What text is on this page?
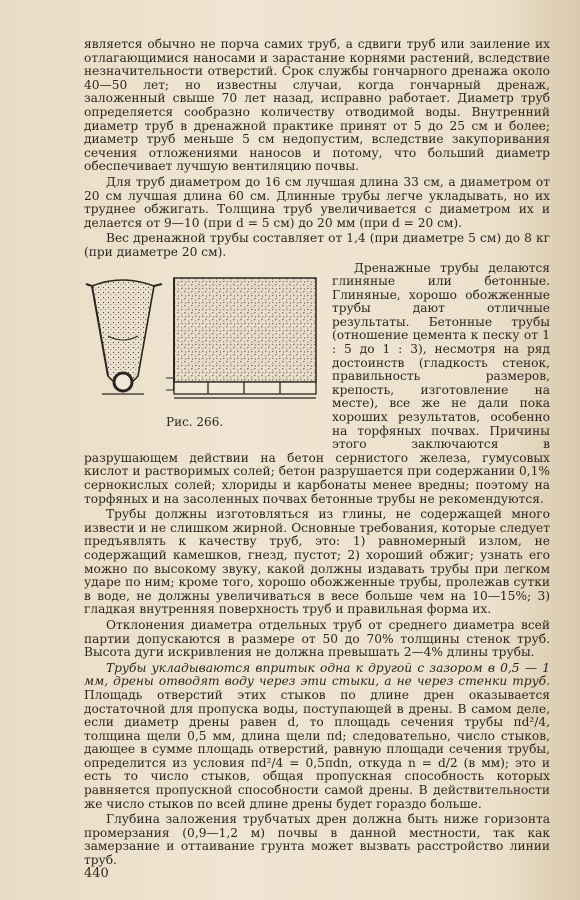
является обычно не порча самих труб, а сдвиги труб или заиление их отлагающимися наносами и зарастание корнями растений, вследствие незначительности отверстий. Срок службы гончарного дренажа около 40—50 лет; но известны случаи, когда гончарный дренаж, заложенный свыше 70 лет назад, исправно работает. Диаметр труб определяется сообразно количеству отводимой воды. Внутренний диаметр труб в дренажной практике принят от 5 до 25 см и более; диаметр труб меньше 5 см недопустим, вследствие закупоривания сечения отложениями наносов и потому, что больший диаметр обеспечивает лучшую вентиляцию почвы.

Для труб диаметром до 16 см лучшая длина 33 см, а диаметром от 20 см лучшая длина 60 см. Длинные трубы легче укладывать, но их труднее обжигать. Толщина труб увеличивается с диаметром их и делается от 9—10 (при d = 5 см) до 20 мм (при d = 20 см).

Вес дренажной трубы составляет от 1,4 (при диаметре 5 см) до 8 кг (при диаметре 20 см).

Рис. 266.

Дренажные трубы делаются глиняные или бетонные. Глиняные, хорошо обожженные трубы дают отличные результаты. Бетонные трубы (отношение цемента к песку от 1 : 5 до 1 : 3), несмотря на ряд достоинств (гладкость стенок, правильность размеров, крепость, изготовление на месте), все же не дали пока хороших результатов, особенно на торфяных почвах. Причины этого заключаются в разрушающем действии на бетон сернистого железа, гумусовых кислот и растворимых солей; бетон разрушается при содержании 0,1% сернокислых солей; хлориды и карбонаты менее вредны; поэтому на торфяных и на засоленных почвах бетонные трубы не рекомендуются.

Трубы должны изготовляться из глины, не содержащей много извести и не слишком жирной. Основные требования, которые следует предъявлять к качеству труб, это: 1) равномерный излом, не содержащий камешков, гнезд, пустот; 2) хороший обжиг; узнать его можно по высокому звуку, какой должны издавать трубы при легком ударе по ним; кроме того, хорошо обожженные трубы, пролежав сутки в воде, не должны увеличиваться в весе больше чем на 10—15%; 3) гладкая внутренняя поверхность труб и правильная форма их.

Отклонения диаметра отдельных труб от среднего диаметра всей партии допускаются в размере от 50 до 70% толщины стенок труб. Высота дуги искривления не должна превышать 2—4% длины трубы.

Трубы укладываются впритык одна к другой с зазором в 0,5 — 1 мм, дрены отводят воду через эти стыки, а не через стенки труб. Площадь отверстий этих стыков по длине дрен оказывается достаточной для пропуска воды, поступающей в дрены. В самом деле, если диаметр дрены равен d, то площадь сечения трубы πd²/4, толщина щели 0,5 мм, длина щели πd; следовательно, число стыков, дающее в сумме площадь отверстий, равную площади сечения трубы, определится из условия πd²/4 = 0,5πdn, откуда n = d/2 (в мм); это и есть то число стыков, общая пропускная способность которых равняется пропускной способности самой дрены. В действительности же число стыков по всей длине дрены будет гораздо больше.

Глубина заложения трубчатых дрен должна быть ниже горизонта промерзания (0,9—1,2 м) почвы в данной местности, так как замерзание и оттаивание грунта может вызвать расстройство линии труб.

440
